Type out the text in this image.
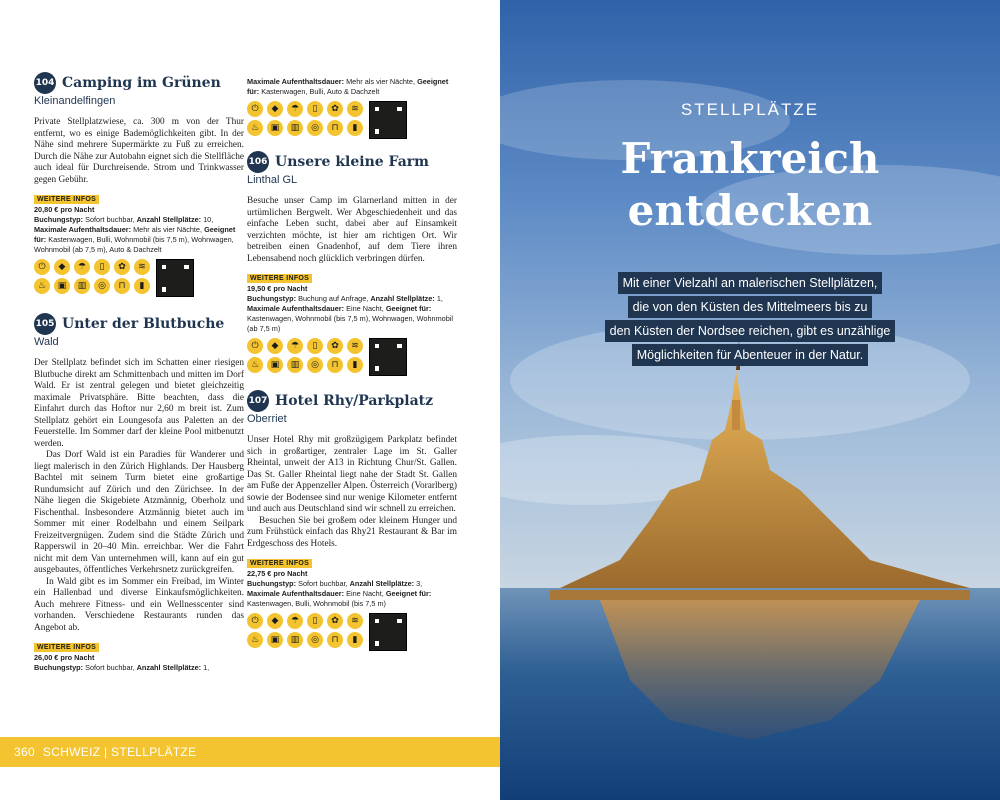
104 Camping im Grünen
Kleinandelfingen

Private Stellplatzwiese, ca. 300 m von der Thur entfernt, wo es einige Bademöglichkeiten gibt. In der Nähe sind mehrere Supermärkte zu Fuß zu erreichen. Durch die Nähe zur Autobahn eignet sich die Stellfläche auch ideal für Durchreisende. Strom und Trinkwasser gegen Gebühr.

WEITERE INFOS
20,80 € pro Nacht
Buchungstyp: Sofort buchbar, Anzahl Stellplätze: 10,
Maximale Aufenthaltsdauer: Mehr als vier Nächte, Geeignet für: Kastenwagen, Bulli, Wohnmobil (bis 7,5 m), Wohnwagen, Wohnmobil (ab 7,5 m), Auto & Dachzelt
⏻	◆	☂	▯	✿	≋
♨	▣	▥	◎	⊓	▮
105 Unter der Blutbuche
Wald

Der Stellplatz befindet sich im Schatten einer riesigen Blutbuche direkt am Schmittenbach und mitten im Dorf Wald. Er ist zentral gelegen und bietet gleichzeitig maximale Privatsphäre. Bitte beachten, dass die Einfahrt durch das Hoftor nur 2,60 m breit ist. Zum Stellplatz gehört ein Loungesofa aus Paletten an der Feuerstelle. Im Sommer darf der kleine Pool mitbenutzt werden.

Das Dorf Wald ist ein Paradies für Wanderer und liegt malerisch in den Zürich Highlands. Der Hausberg Bachtel mit seinem Turm bietet eine großartige Rundumsicht auf Zürich und den Zürichsee. In der Nähe liegen die Skigebiete Atzmännig, Oberholz und Fischenthal. Insbesondere Atzmännig bietet auch im Sommer mit einer Rodelbahn und einem Seilpark Freizeitvergnügen. Zudem sind die Städte Zürich und Rapperswil in 20–40 Min. erreichbar. Wer die Fahrt nicht mit dem Van unternehmen will, kann auf ein gut ausgebautes, öffentliches Verkehrsnetz zurückgreifen.

In Wald gibt es im Sommer ein Freibad, im Winter ein Hallenbad und diverse Einkaufsmöglichkeiten. Auch mehrere Fitness- und ein Wellnesscenter sind vorhanden. Verschiedene Restaurants runden das Angebot ab.

WEITERE INFOS
26,00 € pro Nacht
Buchungstyp: Sofort buchbar, Anzahl Stellplätze: 1,
Maximale Aufenthaltsdauer: Mehr als vier Nächte, Geeignet für: Kastenwagen, Bulli, Auto & Dachzelt
⏻	◆	☂	▯	✿	≋
♨	▣	▥	◎	⊓	▮
106 Unsere kleine Farm
Linthal GL

Besuche unser Camp im Glarnerland mitten in der urtümlichen Bergwelt. Wer Abgeschiedenheit und das einfache Leben sucht, dabei aber auf Einsamkeit verzichten möchte, ist hier am richtigen Ort. Wir betreiben einen Gnadenhof, auf dem Tiere ihren Lebensabend noch glücklich verbringen dürfen.

WEITERE INFOS
19,50 € pro Nacht
Buchungstyp: Buchung auf Anfrage, Anzahl Stellplätze: 1,
Maximale Aufenthaltsdauer: Eine Nacht, Geeignet für: Kastenwagen, Wohnmobil (bis 7,5 m), Wohnwagen, Wohnmobil (ab 7,5 m)
⏻	◆	☂	▯	✿	≋
♨	▣	▥	◎	⊓	▮
107 Hotel Rhy/Parkplatz
Oberriet

Unser Hotel Rhy mit großzügigem Parkplatz befindet sich in großartiger, zentraler Lage im St. Galler Rheintal, unweit der A13 in Richtung Chur/St. Gallen. Das St. Galler Rheintal liegt nahe der Stadt St. Gallen am Fuße der Appenzeller Alpen. Österreich (Vorarlberg) sowie der Bodensee sind nur wenige Kilometer entfernt und auch aus Deutschland sind wir schnell zu erreichen.

Besuchen Sie bei großem oder kleinem Hunger und zum Frühstück einfach das Rhy21 Restaurant & Bar im Erdgeschoss des Hotels.

WEITERE INFOS
22,75 € pro Nacht
Buchungstyp: Sofort buchbar, Anzahl Stellplätze: 3,
Maximale Aufenthaltsdauer: Eine Nacht, Geeignet für: Kastenwagen, Bulli, Wohnmobil (bis 7,5 m)
⏻	◆	☂	▯	✿	≋
♨	▣	▥	◎	⊓	▮
360 SCHWEIZ | STELLPLÄTZE
STELLPLÄTZE
Frankreich
entdecken
Mit einer Vielzahl an malerischen Stellplätzen,
die von den Küsten des Mittelmeers bis zu
den Küsten der Nordsee reichen, gibt es unzählige
Möglichkeiten für Abenteuer in der Natur.
